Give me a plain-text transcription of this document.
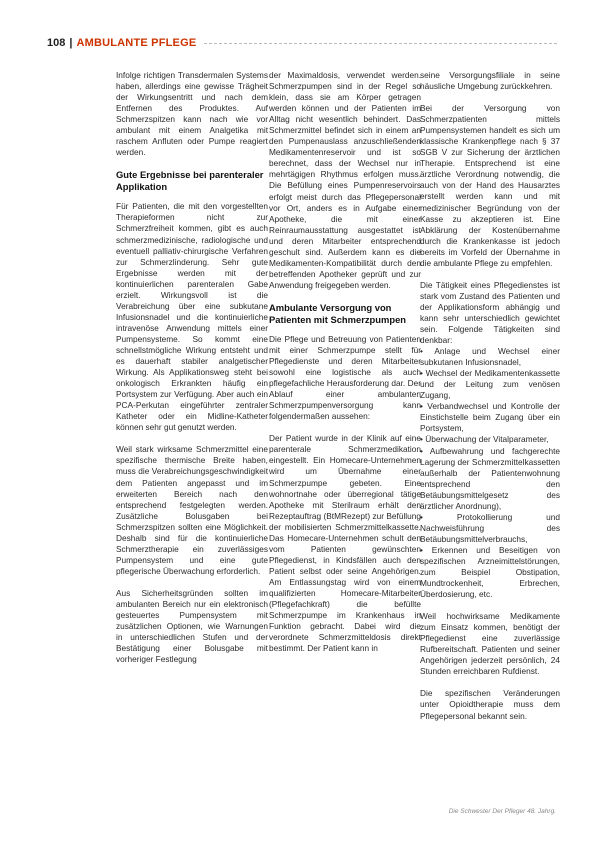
108 | AMBULANTE PFLEGE

Infolge richtigen Transdermalen Systems haben, allerdings eine gewisse Trägheit der Wirkungsentritt und nach dem Entfernen des Produktes. Auf Schmerzspitzen kann nach wie vor ambulant mit einem Analgetika mit raschem Anfluten oder Pumpe reagiert werden.

Gute Ergebnisse bei parenteraler Applikation

Für Patienten, die mit den vorgestellten Therapieformen nicht zur Schmerzfreiheit kommen, gibt es auch schmerzmedizinische, radiologische und eventuell palliativ-chirurgische Verfahren zur Schmerzlinderung. Sehr gute Ergebnisse werden mit der kontinuierlichen parenteralen Gabe erzielt. Wirkungsvoll ist die Verabreichung über eine subkutane Infusionsnadel und die kontinuierliche intravenöse Anwendung mittels einer Pumpensysteme. So kommt eine schnellstmögliche Wirkung entsteht und es dauerhaft stabiler analgetischer Wirkung. Als Applikationsweg steht bei onkologisch Erkrankten häufig ein Portsystem zur Verfügung. Aber auch ein PCA-Perkutan eingeführter zentraler Katheter oder ein Midline-Katheter können sehr gut genutzt werden.

Weil stark wirksame Schmerzmittel eine spezifische thermische Breite haben, muss die Verabreichungsgeschwindigkeit dem Patienten angepasst und im erweiterten Bereich nach den entsprechend festgelegten werden. Zusätzliche Bolusgaben bei Schmerzspitzen sollten eine Möglichkeit. Deshalb sind für die kontinuierliche Schmerztherapie ein zuverlässiges Pumpensystem und eine gute pflegerische Überwachung erforderlich.

Aus Sicherheitsgründen sollten im ambulanten Bereich nur ein elektronisch gesteuertes Pumpensystem mit zusätzlichen Optionen, wie Warnungen in unterschiedlichen Stufen und der Bestätigung einer Bolusgabe mit vorheriger Festlegung

der Maximaldosis, verwendet werden. Schmerzpumpen sind in der Regel so klein, dass sie am Körper getragen werden können und der Patienten im Alltag nicht wesentlich behindert. Das Schmerzmittel befindet sich in einem an den Pumpenauslass anzuschließenden Medikamentenreservoir und ist so berechnet, dass der Wechsel nur in mehrtägigen Rhythmus erfolgen muss. Die Befüllung eines Pumpenreservoirs erfolgt meist durch das Pflegepersonal vor Ort, anders es in Aufgabe einer Apotheke, die mit einer Reinraumausstattung ausgestattet ist und deren Mitarbeiter entsprechend geschult sind. Außerdem kann es die Medikamenten-Kompatibilität durch den betreffenden Apotheker geprüft und zur Anwendung freigegeben werden.

Ambulante Versorgung von Patienten mit Schmerzpumpen

Die Pflege und Betreuung von Patienten mit einer Schmerzpumpe stellt für Pflegedienste und deren Mitarbeiter sowohl eine logistische als auch pflegefachliche Herausforderung dar. Der Ablauf einer ambulanten Schmerzpumpenversorgung kann folgendermaßen aussehen:

Der Patient wurde in der Klinik auf eine parenterale Schmerzmedikation eingestellt. Ein Homecare-Unternehmen wird um Übernahme einer Schmerzpumpe gebeten. Eine wohnortnahe oder überregional tätige Apotheke mit Sterilraum erhält den Rezeptauftrag (BtMRezept) zur Befüllung der mobilisierten Schmerzmittelkassette. Das Homecare-Unternehmen schult den vom Patienten gewünschten Pflegedienst, in Kindsfällen auch den Patient selbst oder seine Angehörigen. Am Entlassungstag wird von einem qualifizierten Homecare-Mitarbeiter (Pflegefachkraft) die befüllte Schmerzpumpe im Krankenhaus in Funktion gebracht. Dabei wird die verordnete Schmerzmitteldosis direkt bestimmt. Der Patient kann in

seine Versorgungsfiliale in seine häusliche Umgebung zurückkehren.

Bei der Versorgung von Schmerzpatienten mittels Pumpensystemen handelt es sich um klassische Krankenpflege nach § 37 SGB V zur Sicherung der ärztlichen Therapie. Entsprechend ist eine ärztliche Verordnung notwendig, die auch von der Hand des Hausarztes erstellt werden kann und mit medizinischer Begründung von der Kasse zu akzeptieren ist. Eine Abklärung der Kostenübernahme durch die Krankenkasse ist jedoch bereits im Vorfeld der Übernahme in die ambulante Pflege zu empfehlen.

Die Tätigkeit eines Pflegedienstes ist stark vom Zustand des Patienten und der Applikationsform abhängig und kann sehr unterschiedlich gewichtet sein. Folgende Tätigkeiten sind denkbar:

• Anlage und Wechsel einer subkutanen Infusionsnadel,

• Wechsel der Medikamentenkassette und der Leitung zum venösen Zugang,

• Verbandwechsel und Kontrolle der Einstichstelle beim Zugang über ein Portsystem,

• Überwachung der Vitalparameter,

• Aufbewahrung und fachgerechte Lagerung der Schmerzmittelkassetten außerhalb der Patientenwohnung entsprechend den Betäubungsmittelgesetz des ärztlicher Anordnung),

• Protokollierung und Nachweisführung des Betäubungsmittelverbrauchs,

• Erkennen und Beseitigen von spezifischen Arzneimittelstörungen, zum Beispiel Obstipation, Mundtrockenheit, Erbrechen, Überdosierung, etc.

Weil hochwirksame Medikamente zum Einsatz kommen, benötigt der Pflegedienst eine zuverlässige Rufbereitschaft. Patienten und seiner Angehörigen jederzeit persönlich, 24 Stunden erreichbaren Rufdienst.

Die spezifischen Veränderungen unter Opioidtherapie muss dem Pflegepersonal bekannt sein.

Die Schwester Der Pfleger 48. Jahrg.
